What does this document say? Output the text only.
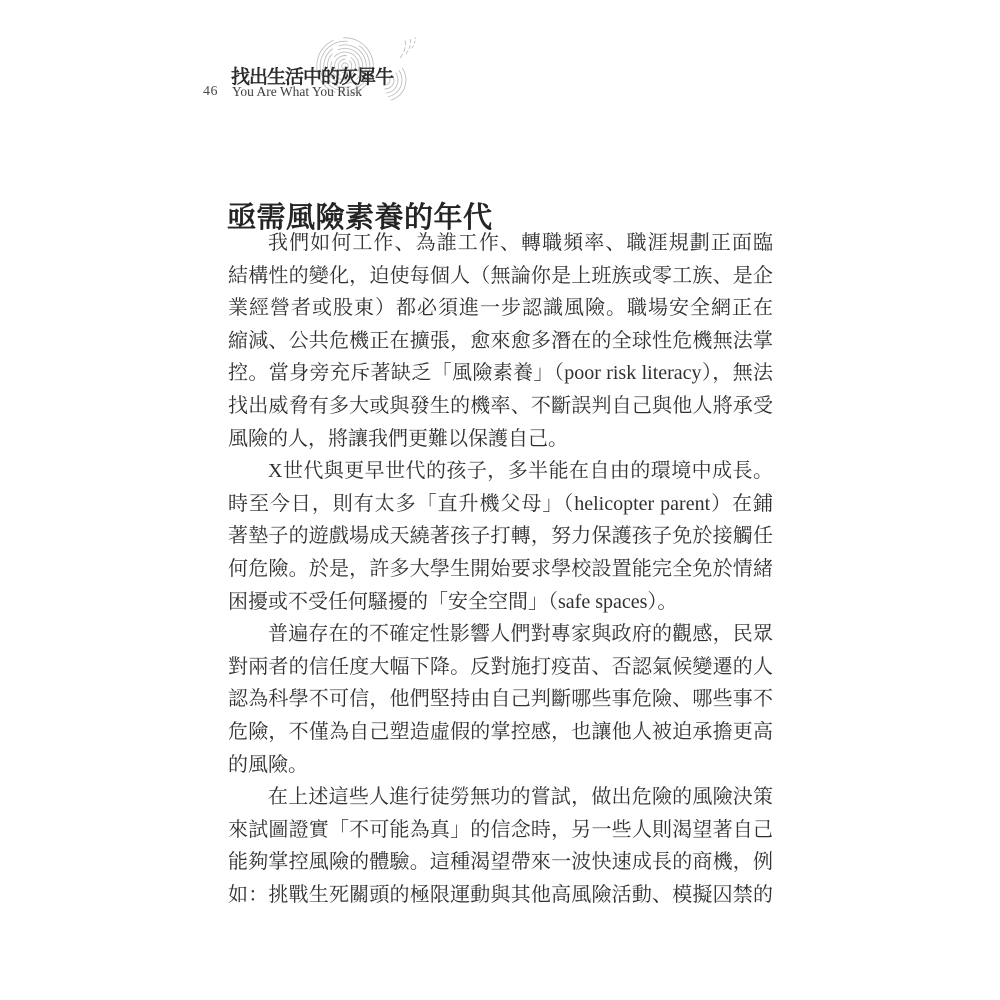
46
找出生活中的灰犀牛
You Are What You Risk
亟需風險素養的年代
我們如何工作、為誰工作、轉職頻率、職涯規劃正面臨
結構性的變化，迫使每個人（無論你是上班族或零工族、是企
業經營者或股東）都必須進一步認識風險。職場安全網正在
縮減、公共危機正在擴張，愈來愈多潛在的全球性危機無法掌
控。當身旁充斥著缺乏「風險素養」（poor risk literacy），無法
找出威脅有多大或與發生的機率、不斷誤判自己與他人將承受
風險的人，將讓我們更難以保護自己。
X世代與更早世代的孩子，多半能在自由的環境中成長。
時至今日，則有太多「直升機父母」（helicopter parent）在鋪
著墊子的遊戲場成天繞著孩子打轉，努力保護孩子免於接觸任
何危險。於是，許多大學生開始要求學校設置能完全免於情緒
困擾或不受任何騷擾的「安全空間」（safe spaces）。
普遍存在的不確定性影響人們對專家與政府的觀感，民眾
對兩者的信任度大幅下降。反對施打疫苗、否認氣候變遷的人
認為科學不可信，他們堅持由自己判斷哪些事危險、哪些事不
危險，不僅為自己塑造虛假的掌控感，也讓他人被迫承擔更高
的風險。
在上述這些人進行徒勞無功的嘗試，做出危險的風險決策
來試圖證實「不可能為真」的信念時，另一些人則渴望著自己
能夠掌控風險的體驗。這種渴望帶來一波快速成長的商機，例
如：挑戰生死關頭的極限運動與其他高風險活動、模擬囚禁的
